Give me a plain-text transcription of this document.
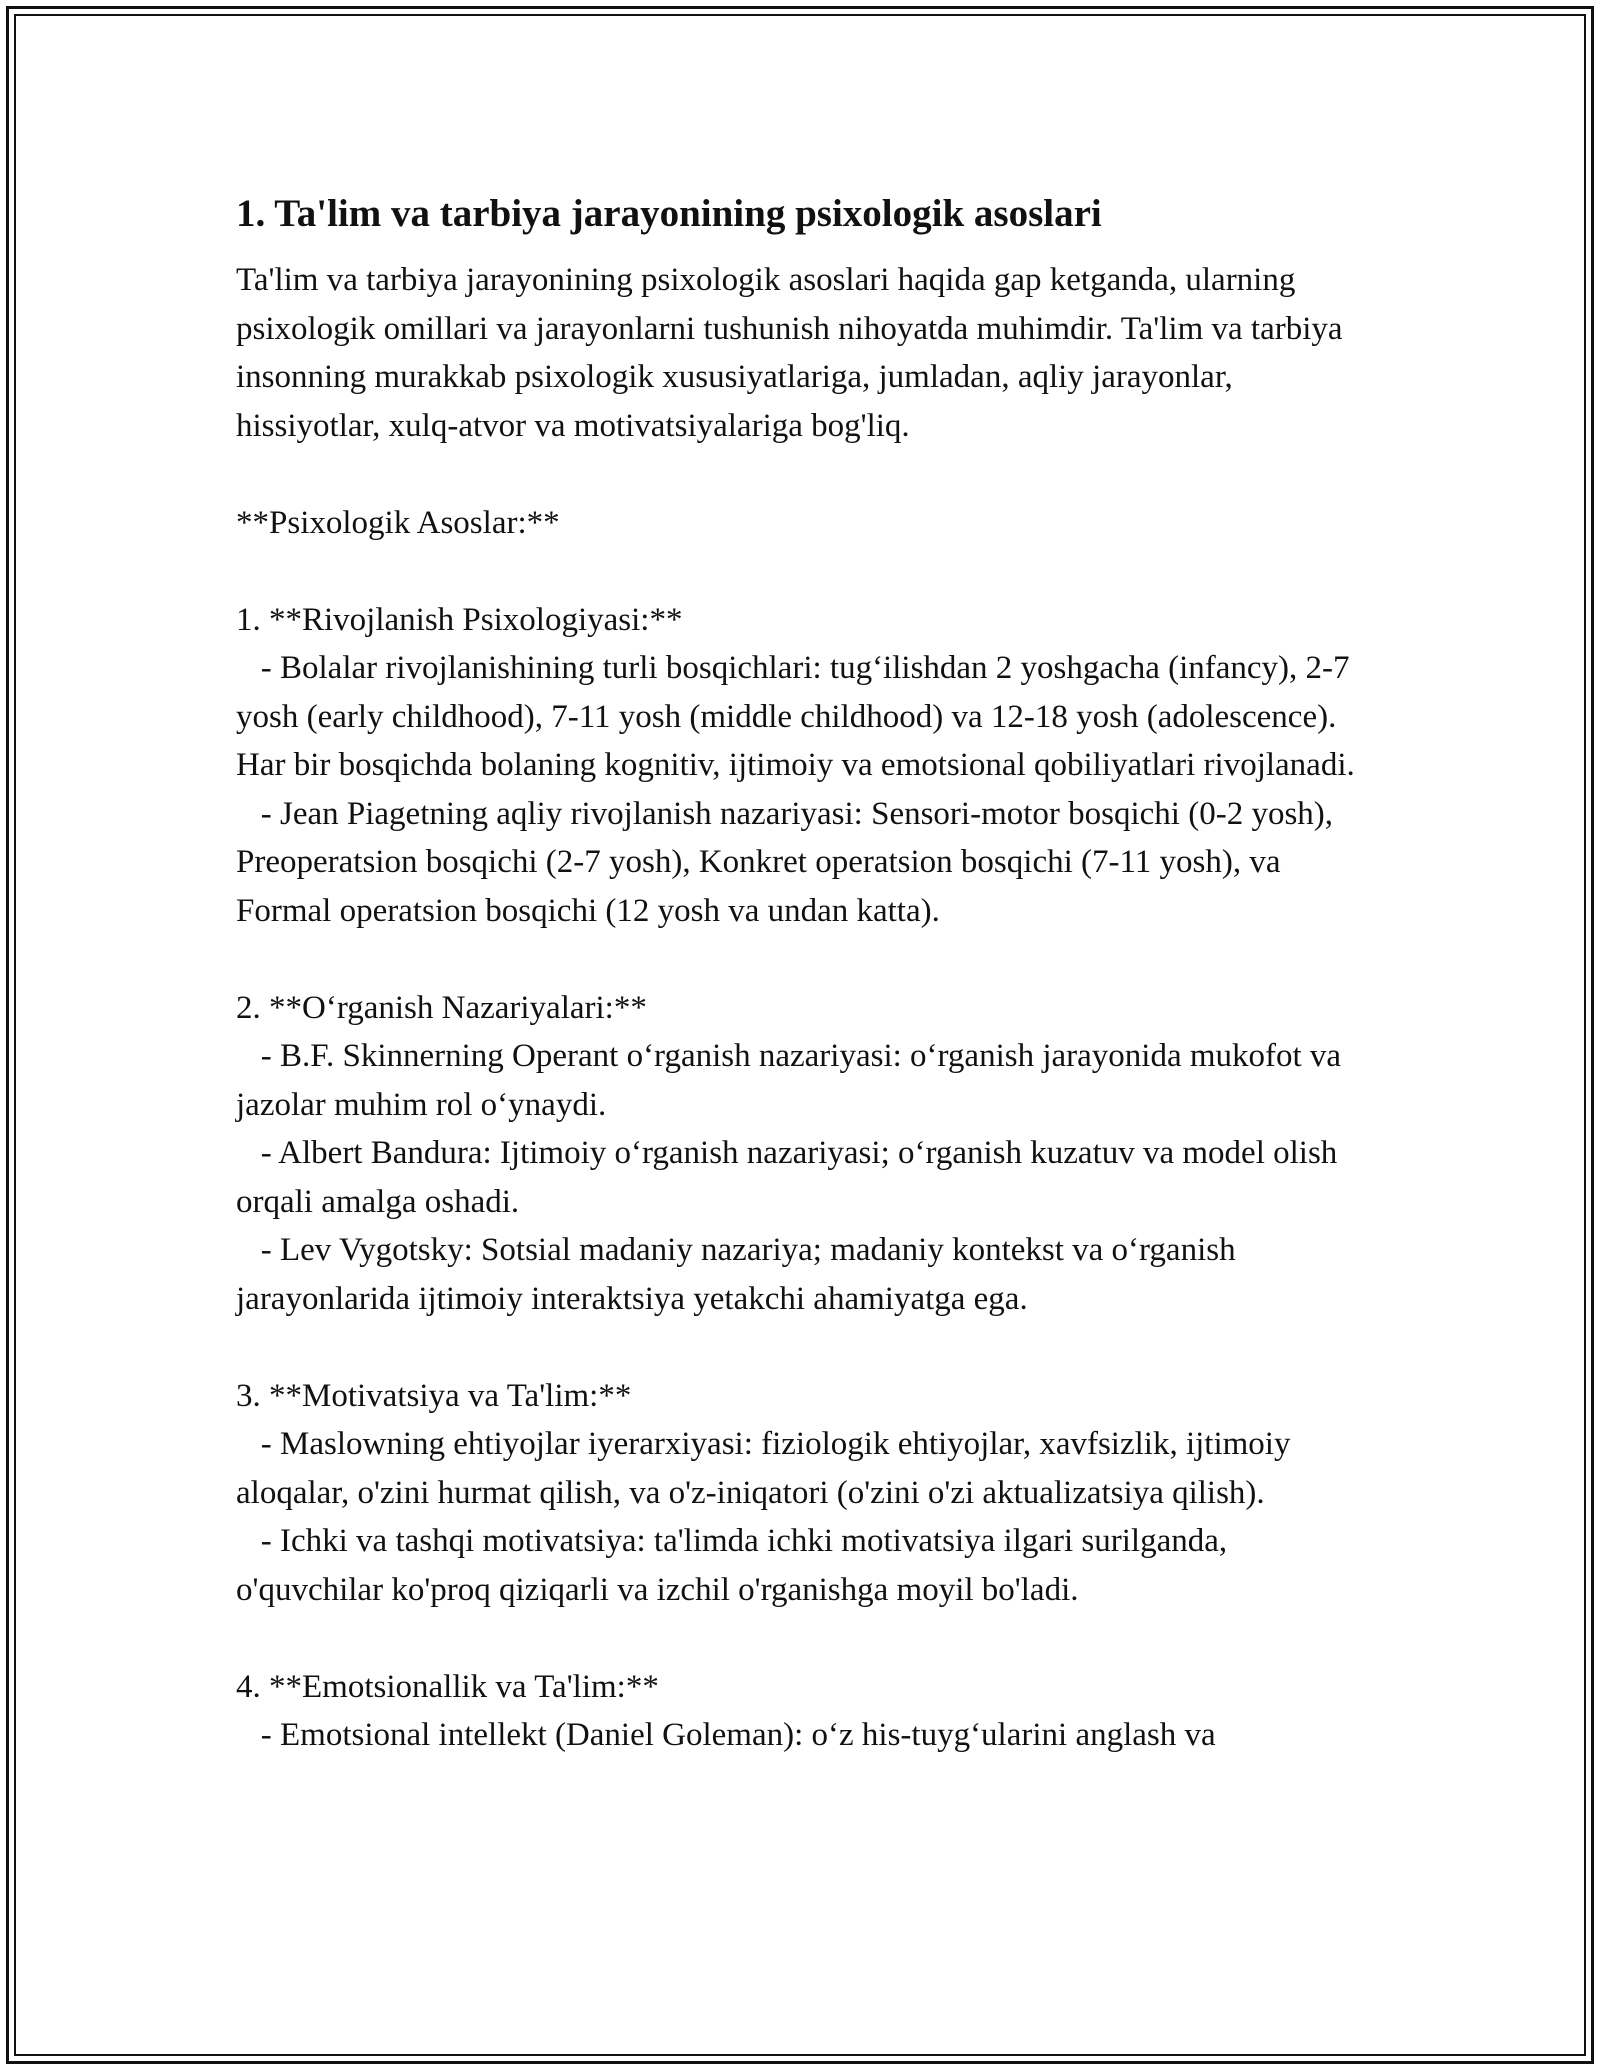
1. Ta'lim va tarbiya jarayonining psixologik asoslari

Ta'lim va tarbiya jarayonining psixologik asoslari haqida gap ketganda, ularning psixologik omillari va jarayonlarni tushunish nihoyatda muhimdir. Ta'lim va tarbiya insonning murakkab psixologik xususiyatlariga, jumladan, aqliy jarayonlar, hissiyotlar, xulq-atvor va motivatsiyalariga bog'liq.

**Psixologik Asoslar:**

1. **Rivojlanish Psixologiyasi:**

- Bolalar rivojlanishining turli bosqichlari: tug‘ilishdan 2 yoshgacha (infancy), 2-7 yosh (early childhood), 7-11 yosh (middle childhood) va 12-18 yosh (adolescence). Har bir bosqichda bolaning kognitiv, ijtimoiy va emotsional qobiliyatlari rivojlanadi.

- Jean Piagetning aqliy rivojlanish nazariyasi: Sensori-motor bosqichi (0-2 yosh), Preoperatsion bosqichi (2-7 yosh), Konkret operatsion bosqichi (7-11 yosh), va Formal operatsion bosqichi (12 yosh va undan katta).

2. **O‘rganish Nazariyalari:**

- B.F. Skinnerning Operant o‘rganish nazariyasi: o‘rganish jarayonida mukofot va jazolar muhim rol o‘ynaydi.

- Albert Bandura: Ijtimoiy o‘rganish nazariyasi; o‘rganish kuzatuv va model olish orqali amalga oshadi.

- Lev Vygotsky: Sotsial madaniy nazariya; madaniy kontekst va o‘rganish jarayonlarida ijtimoiy interaktsiya yetakchi ahamiyatga ega.

3. **Motivatsiya va Ta'lim:**

- Maslowning ehtiyojlar iyerarxiyasi: fiziologik ehtiyojlar, xavfsizlik, ijtimoiy aloqalar, o'zini hurmat qilish, va o'z-iniqatori (o'zini o'zi aktualizatsiya qilish).

- Ichki va tashqi motivatsiya: ta'limda ichki motivatsiya ilgari surilganda, o'quvchilar ko'proq qiziqarli va izchil o'rganishga moyil bo'ladi.

4. **Emotsionallik va Ta'lim:**

- Emotsional intellekt (Daniel Goleman): o‘z his-tuyg‘ularini anglash va
